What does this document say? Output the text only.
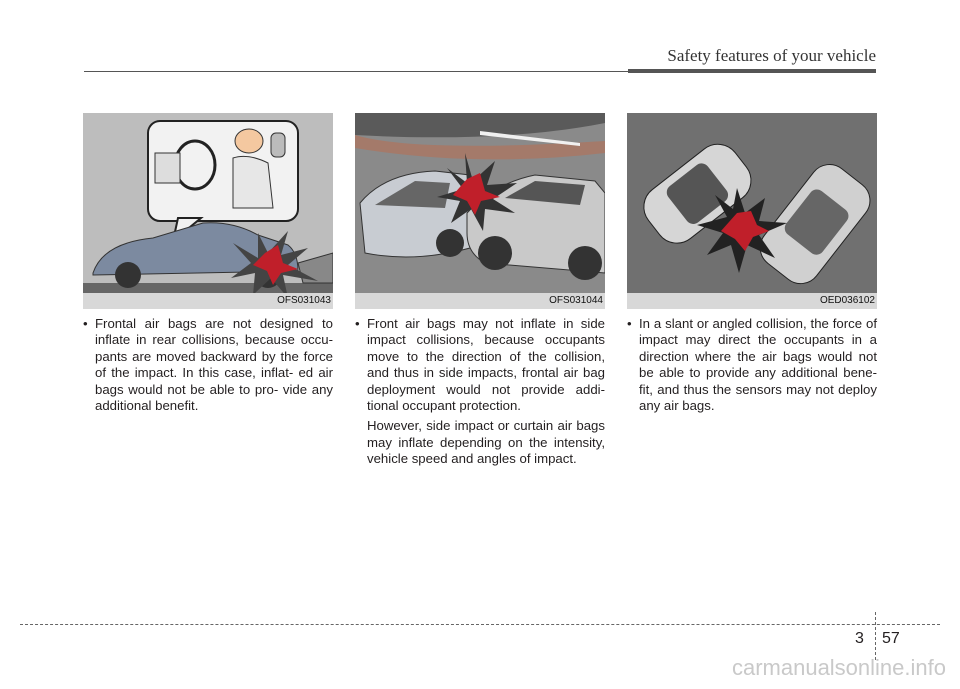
Safety features of your vehicle
OFS031043	OFS031044	OED036102
• Frontal air bags are not designed to inflate in rear collisions, because occu- pants are moved backward by the force of the impact. In this case, inflat- ed air bags would not be able to pro- vide any additional benefit.
• Front air bags may not inflate in side impact collisions, because occupants move to the direction of the collision, and thus in side impacts, frontal air bag deployment would not provide addi- tional occupant protection.
However, side impact or curtain air bags may inflate depending on the intensity, vehicle speed and angles of impact.
• In a slant or angled collision, the force of impact may direct the occupants in a direction where the air bags would not be able to provide any additional bene- fit, and thus the sensors may not deploy any air bags.
3 57
carmanualsonline.info
